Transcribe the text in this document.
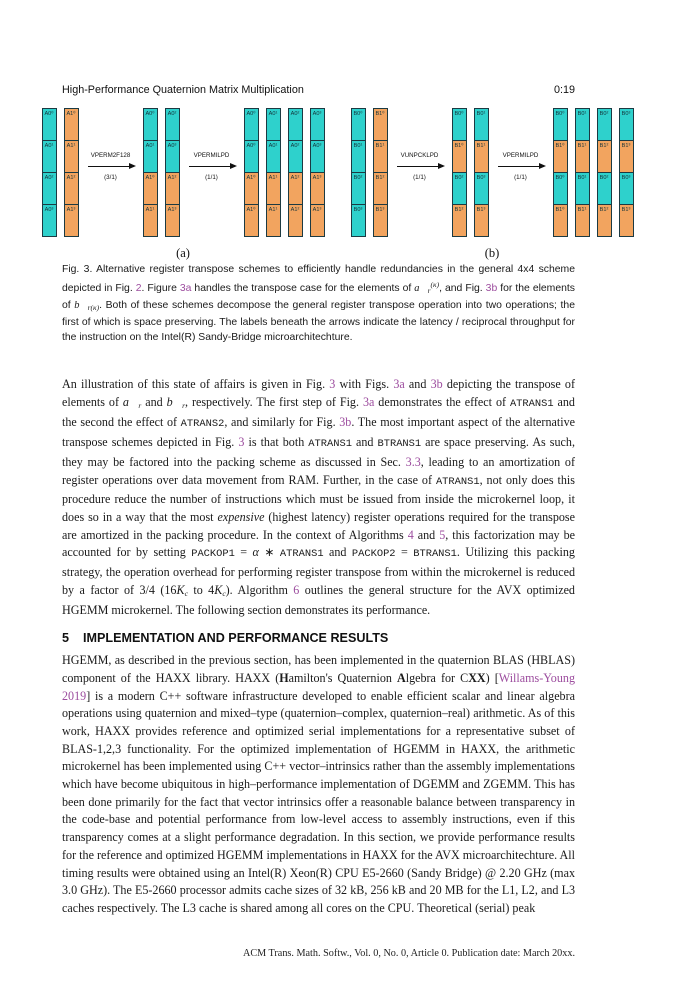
High-Performance Quaternion Matrix Multiplication	0:19
A0⁰
A0¹
A0²
A0³
A1⁰
A1¹
A1²
A1³
VPERM2F128
(3/1)
A0⁰
A0¹
A1⁰
A1¹
A0²
A0³
A1²
A1³
VPERMILPD
(1/1)
A0⁰
A0⁰
A1⁰
A1⁰
A0¹
A0¹
A1¹
A1¹
A0²
A0²
A1²
A1²
A0³
A0³
A1³
A1³
(a)
B0⁰
B0¹
B0²
B0³
B1⁰
B1¹
B1²
B1³
VUNPCKLPD
(1/1)
B0⁰
B1⁰
B0²
B1²
B0¹
B1¹
B0³
B1³
VPERMILPD
(1/1)
B0⁰
B1⁰
B0⁰
B1⁰
B0¹
B1¹
B0¹
B1¹
B0²
B1²
B0²
B1²
B0³
B1³
B0³
B1³
(b)
Fig. 3. Alternative register transpose schemes to efficiently handle redundancies in the general 4x4 scheme depicted in Fig. 2. Figure 3a handles the transpose case for the elements of $a⃗r^{(\kappa)}$, and Fig. 3b for the elements of b⃗r(κ). Both of these schemes decompose the general register transpose operation into two operations; the first of which is space preserving. The labels beneath the arrows indicate the latency / reciprocal throughput for the instruction on the Intel(R) Sandy-Bridge microarchitechture.

An illustration of this state of affairs is given in Fig. 3 with Figs. 3a and 3b depicting the transpose of elements of a⃗r and b⃗r, respectively. The first step of Fig. 3a demonstrates the effect of ATRANS1 and the second the effect of ATRANS2, and similarly for Fig. 3b. The most important aspect of the alternative transpose schemes depicted in Fig. 3 is that both ATRANS1 and BTRANS1 are space preserving. As such, they may be factored into the packing scheme as discussed in Sec. 3.3, leading to an amortization of register operations over data movement from RAM. Further, in the case of ATRANS1, not only does this procedure reduce the number of instructions which must be issued from inside the microkernel loop, it does so in a way that the most expensive (highest latency) register operations required for the transpose are amortized in the packing procedure. In the context of Algorithms 4 and 5, this factorization may be accounted for by setting PACKOP1 = α ∗ ATRANS1 and PACKOP2 = BTRANS1. Utilizing this packing strategy, the operation overhead for performing register transpose from within the microkernel is reduced by a factor of 3/4 (16Kc to 4Kc). Algorithm 6 outlines the general structure for the AVX optimized HGEMM microkernel. The following section demonstrates its performance.

5 IMPLEMENTATION AND PERFORMANCE RESULTS

HGEMM, as described in the previous section, has been implemented in the quaternion BLAS (HBLAS) component of the HAXX library. HAXX (Hamilton's Quaternion Algebra for CXX) [Willams-Young 2019] is a modern C++ software infrastructure developed to enable efficient scalar and linear algebra operations using quaternion and mixed–type (quaternion–complex, quaternion–real) arithmetic. As of this work, HAXX provides reference and optimized serial implementations for a representative subset of BLAS-1,2,3 functionality. For the optimized implementation of HGEMM in HAXX, the arithmetic microkernel has been implemented using C++ vector–intrinsics rather than the assembly implementations which have become ubiquitous in high–performance implementation of DGEMM and ZGEMM. This has been done primarily for the fact that vector intrinsics offer a reasonable balance between transparency in the code-base and potential performance from low-level access to assembly instructions, even if this transparency comes at a slight performance degradation. In this section, we provide performance results for the reference and optimized HGEMM implementations in HAXX for the AVX microarchitechture. All timing results were obtained using an Intel(R) Xeon(R) CPU E5-2660 (Sandy Bridge) @ 2.20 GHz (max 3.0 GHz). The E5-2660 processor admits cache sizes of 32 kB, 256 kB and 20 MB for the L1, L2, and L3 caches respectively. The L3 cache is shared among all cores on the CPU. Theoretical (serial) peak

ACM Trans. Math. Softw., Vol. 0, No. 0, Article 0. Publication date: March 20xx.
